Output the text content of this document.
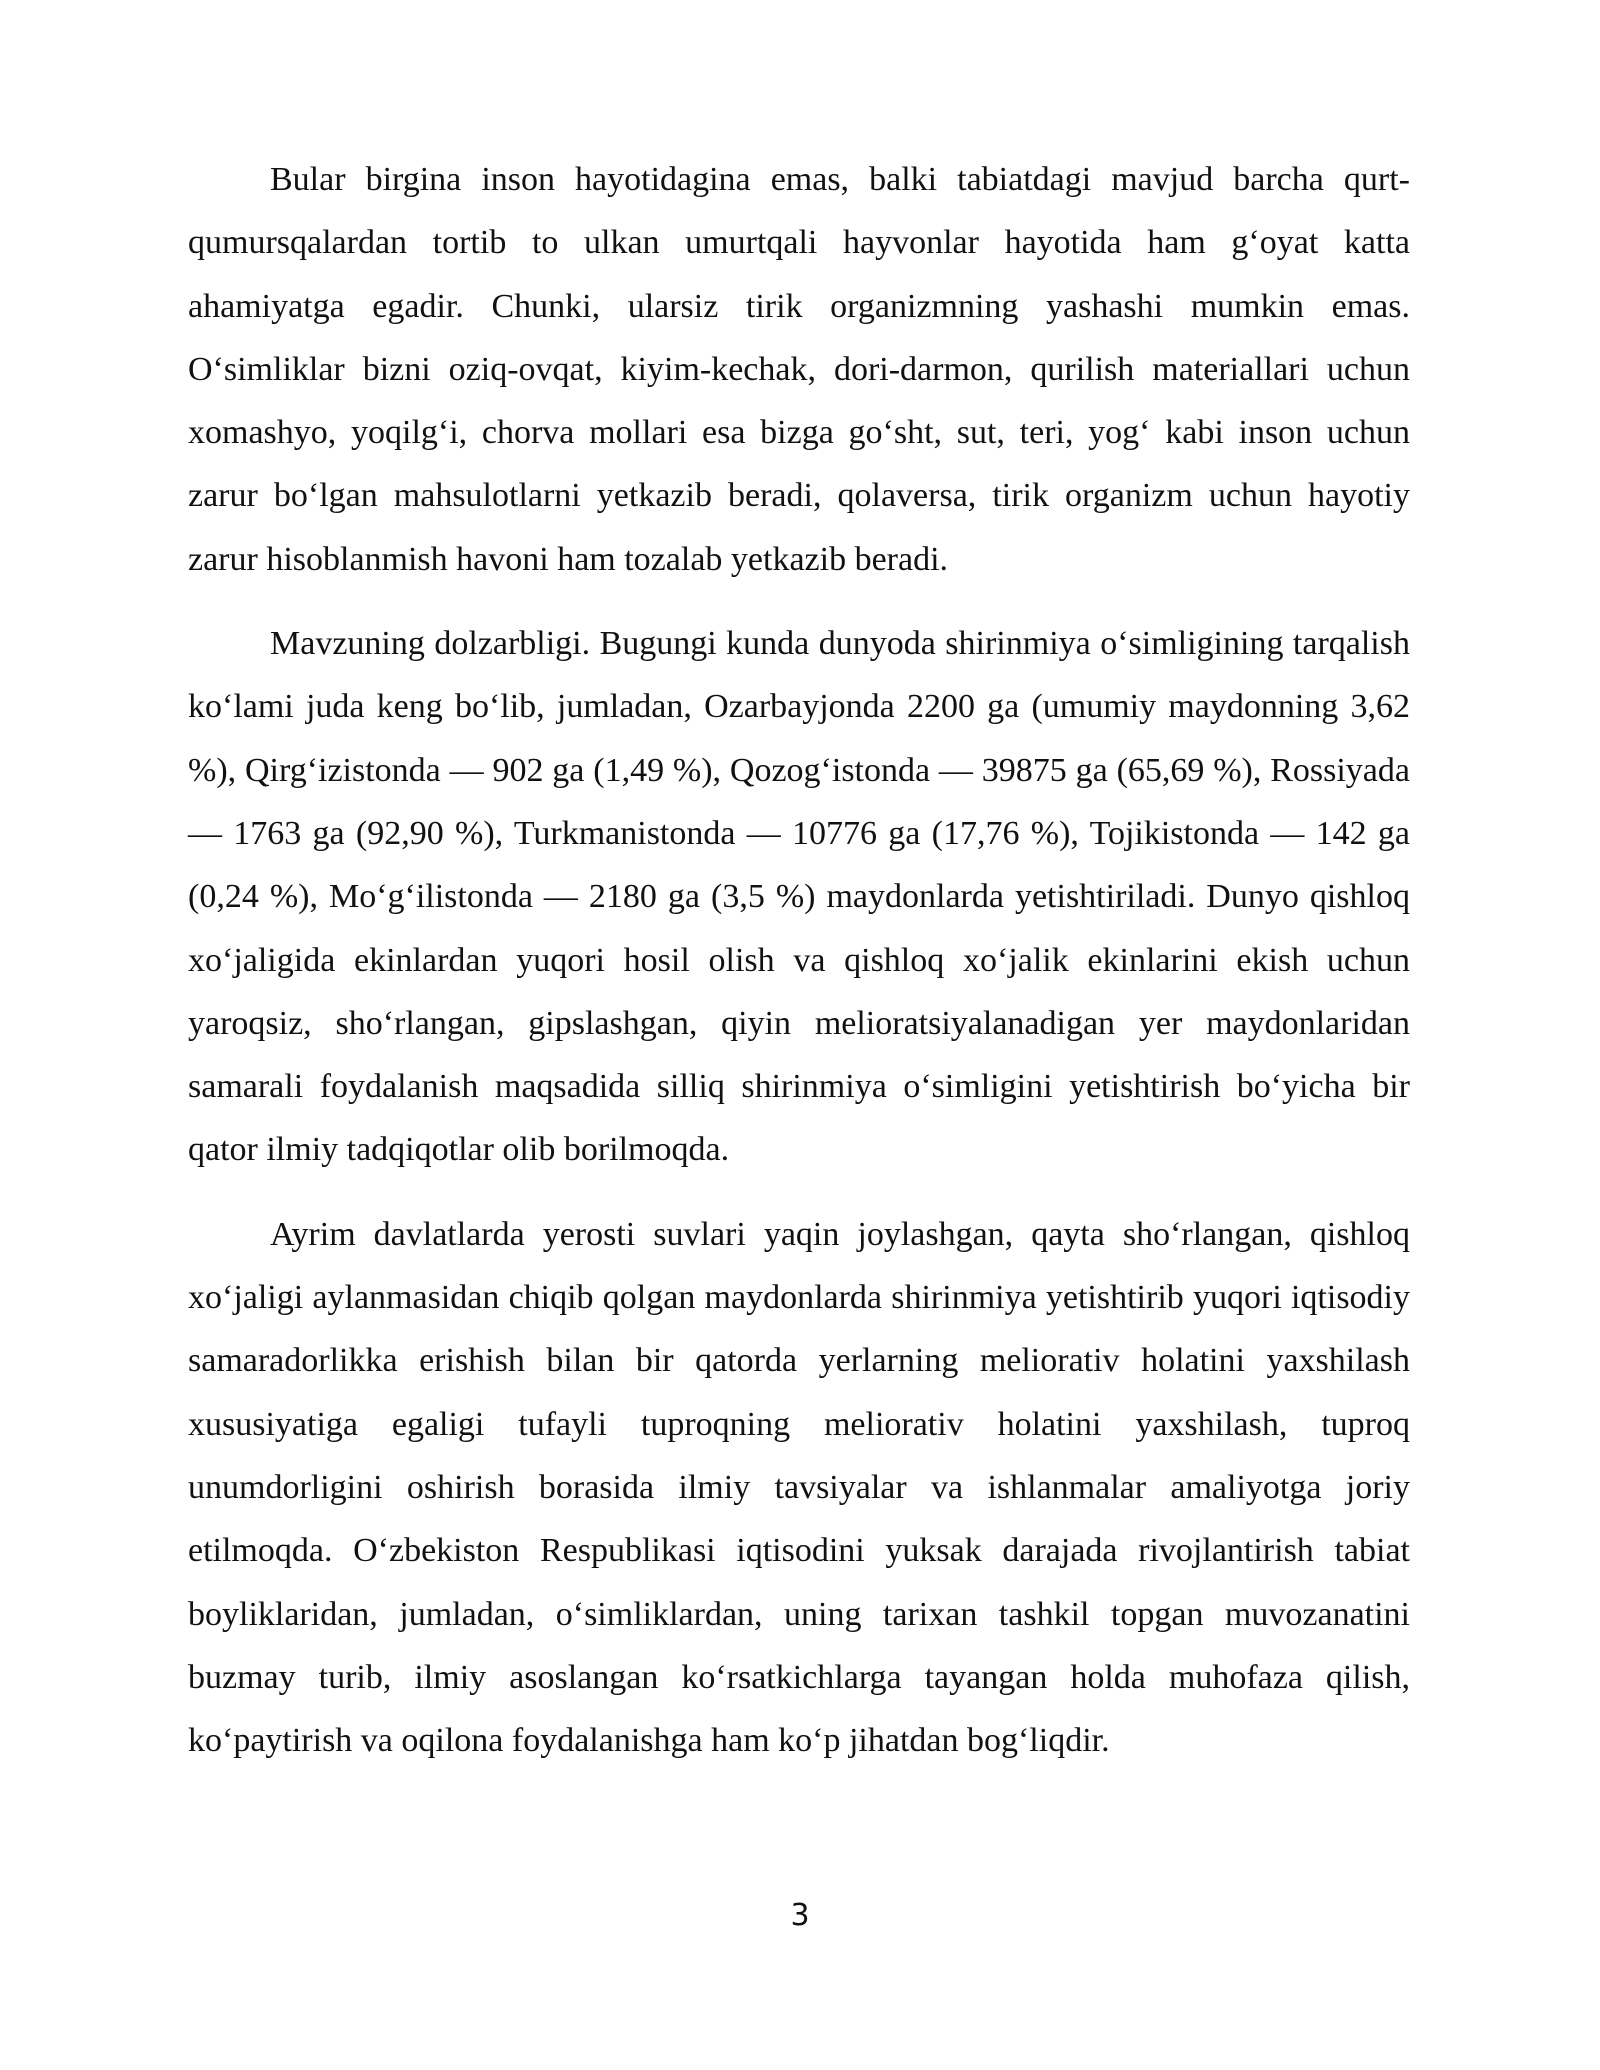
Bular birgina inson hayotidagina emas, balki tabiatdagi mavjud barcha qurt-qumursqalardan tortib to ulkan umurtqali hayvonlar hayotida ham g‘oyat katta ahamiyatga egadir. Chunki, ularsiz tirik organizmning yashashi mumkin emas. O‘simliklar bizni oziq-ovqat, kiyim-kechak, dori-darmon, qurilish materiallari uchun xomashyo, yoqilg‘i, chorva mollari esa bizga go‘sht, sut, teri, yog‘ kabi inson uchun zarur bo‘lgan mahsulotlarni yetkazib beradi, qolaversa, tirik organizm uchun hayotiy zarur hisoblanmish havoni ham tozalab yetkazib beradi.

Mavzuning dolzarbligi. Bugungi kunda dunyoda shirinmiya o‘simligining tarqalish ko‘lami juda keng bo‘lib, jumladan, Ozarbayjonda 2200 ga (umumiy maydonning 3,62 %), Qirg‘izistonda — 902 ga (1,49 %), Qozog‘istonda — 39875 ga (65,69 %), Rossiyada — 1763 ga (92,90 %), Turkmanistonda — 10776 ga (17,76 %), Tojikistonda — 142 ga (0,24 %), Mo‘g‘ilistonda — 2180 ga (3,5 %) maydonlarda yetishtiriladi. Dunyo qishloq xo‘jaligida ekinlardan yuqori hosil olish va qishloq xo‘jalik ekinlarini ekish uchun yaroqsiz, sho‘rlangan, gipslashgan, qiyin melioratsiyalanadigan yer maydonlaridan samarali foydalanish maqsadida silliq shirinmiya o‘simligini yetishtirish bo‘yicha bir qator ilmiy tadqiqotlar olib borilmoqda.

Ayrim davlatlarda yerosti suvlari yaqin joylashgan, qayta sho‘rlangan, qishloq xo‘jaligi aylanmasidan chiqib qolgan maydonlarda shirinmiya yetishtirib yuqori iqtisodiy samaradorlikka erishish bilan bir qatorda yerlarning meliorativ holatini yaxshilash xususiyatiga egaligi tufayli tuproqning meliorativ holatini yaxshilash, tuproq unumdorligini oshirish borasida ilmiy tavsiyalar va ishlanmalar amaliyotga joriy etilmoqda. O‘zbekiston Respublikasi iqtisodini yuksak darajada rivojlantirish tabiat boyliklaridan, jumladan, o‘simliklardan, uning tarixan tashkil topgan muvozanatini buzmay turib, ilmiy asoslangan ko‘rsatkichlarga tayangan holda muhofaza qilish, ko‘paytirish va oqilona foydalanishga ham ko‘p jihatdan bog‘liqdir.

3
